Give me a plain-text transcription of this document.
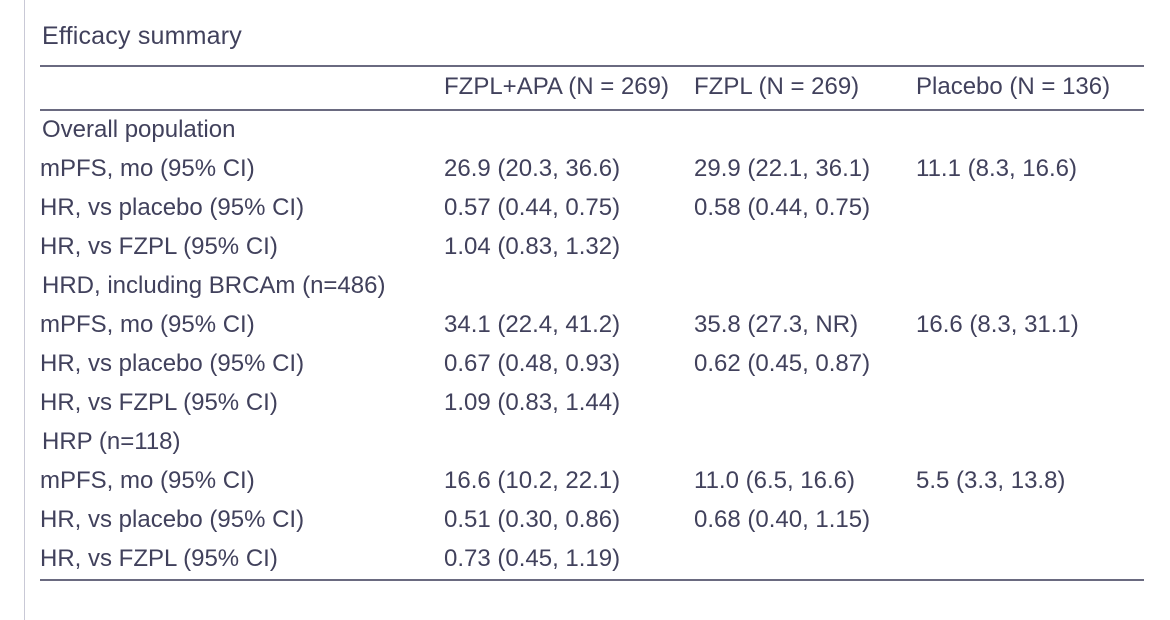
Efficacy summary
	FZPL+APA (N = 269)	FZPL (N = 269)	Placebo (N = 136)
Overall population			
mPFS, mo (95% CI)	26.9 (20.3, 36.6)	29.9 (22.1, 36.1)	11.1 (8.3, 16.6)
HR, vs placebo (95% CI)	0.57 (0.44, 0.75)	0.58 (0.44, 0.75)	
HR, vs FZPL (95% CI)	1.04 (0.83, 1.32)		
HRD, including BRCAm (n=486)			
mPFS, mo (95% CI)	34.1 (22.4, 41.2)	35.8 (27.3, NR)	16.6 (8.3, 31.1)
HR, vs placebo (95% CI)	0.67 (0.48, 0.93)	0.62 (0.45, 0.87)	
HR, vs FZPL (95% CI)	1.09 (0.83, 1.44)		
HRP (n=118)			
mPFS, mo (95% CI)	16.6 (10.2, 22.1)	11.0 (6.5, 16.6)	5.5 (3.3, 13.8)
HR, vs placebo (95% CI)	0.51 (0.30, 0.86)	0.68 (0.40, 1.15)	
HR, vs FZPL (95% CI)	0.73 (0.45, 1.19)		
